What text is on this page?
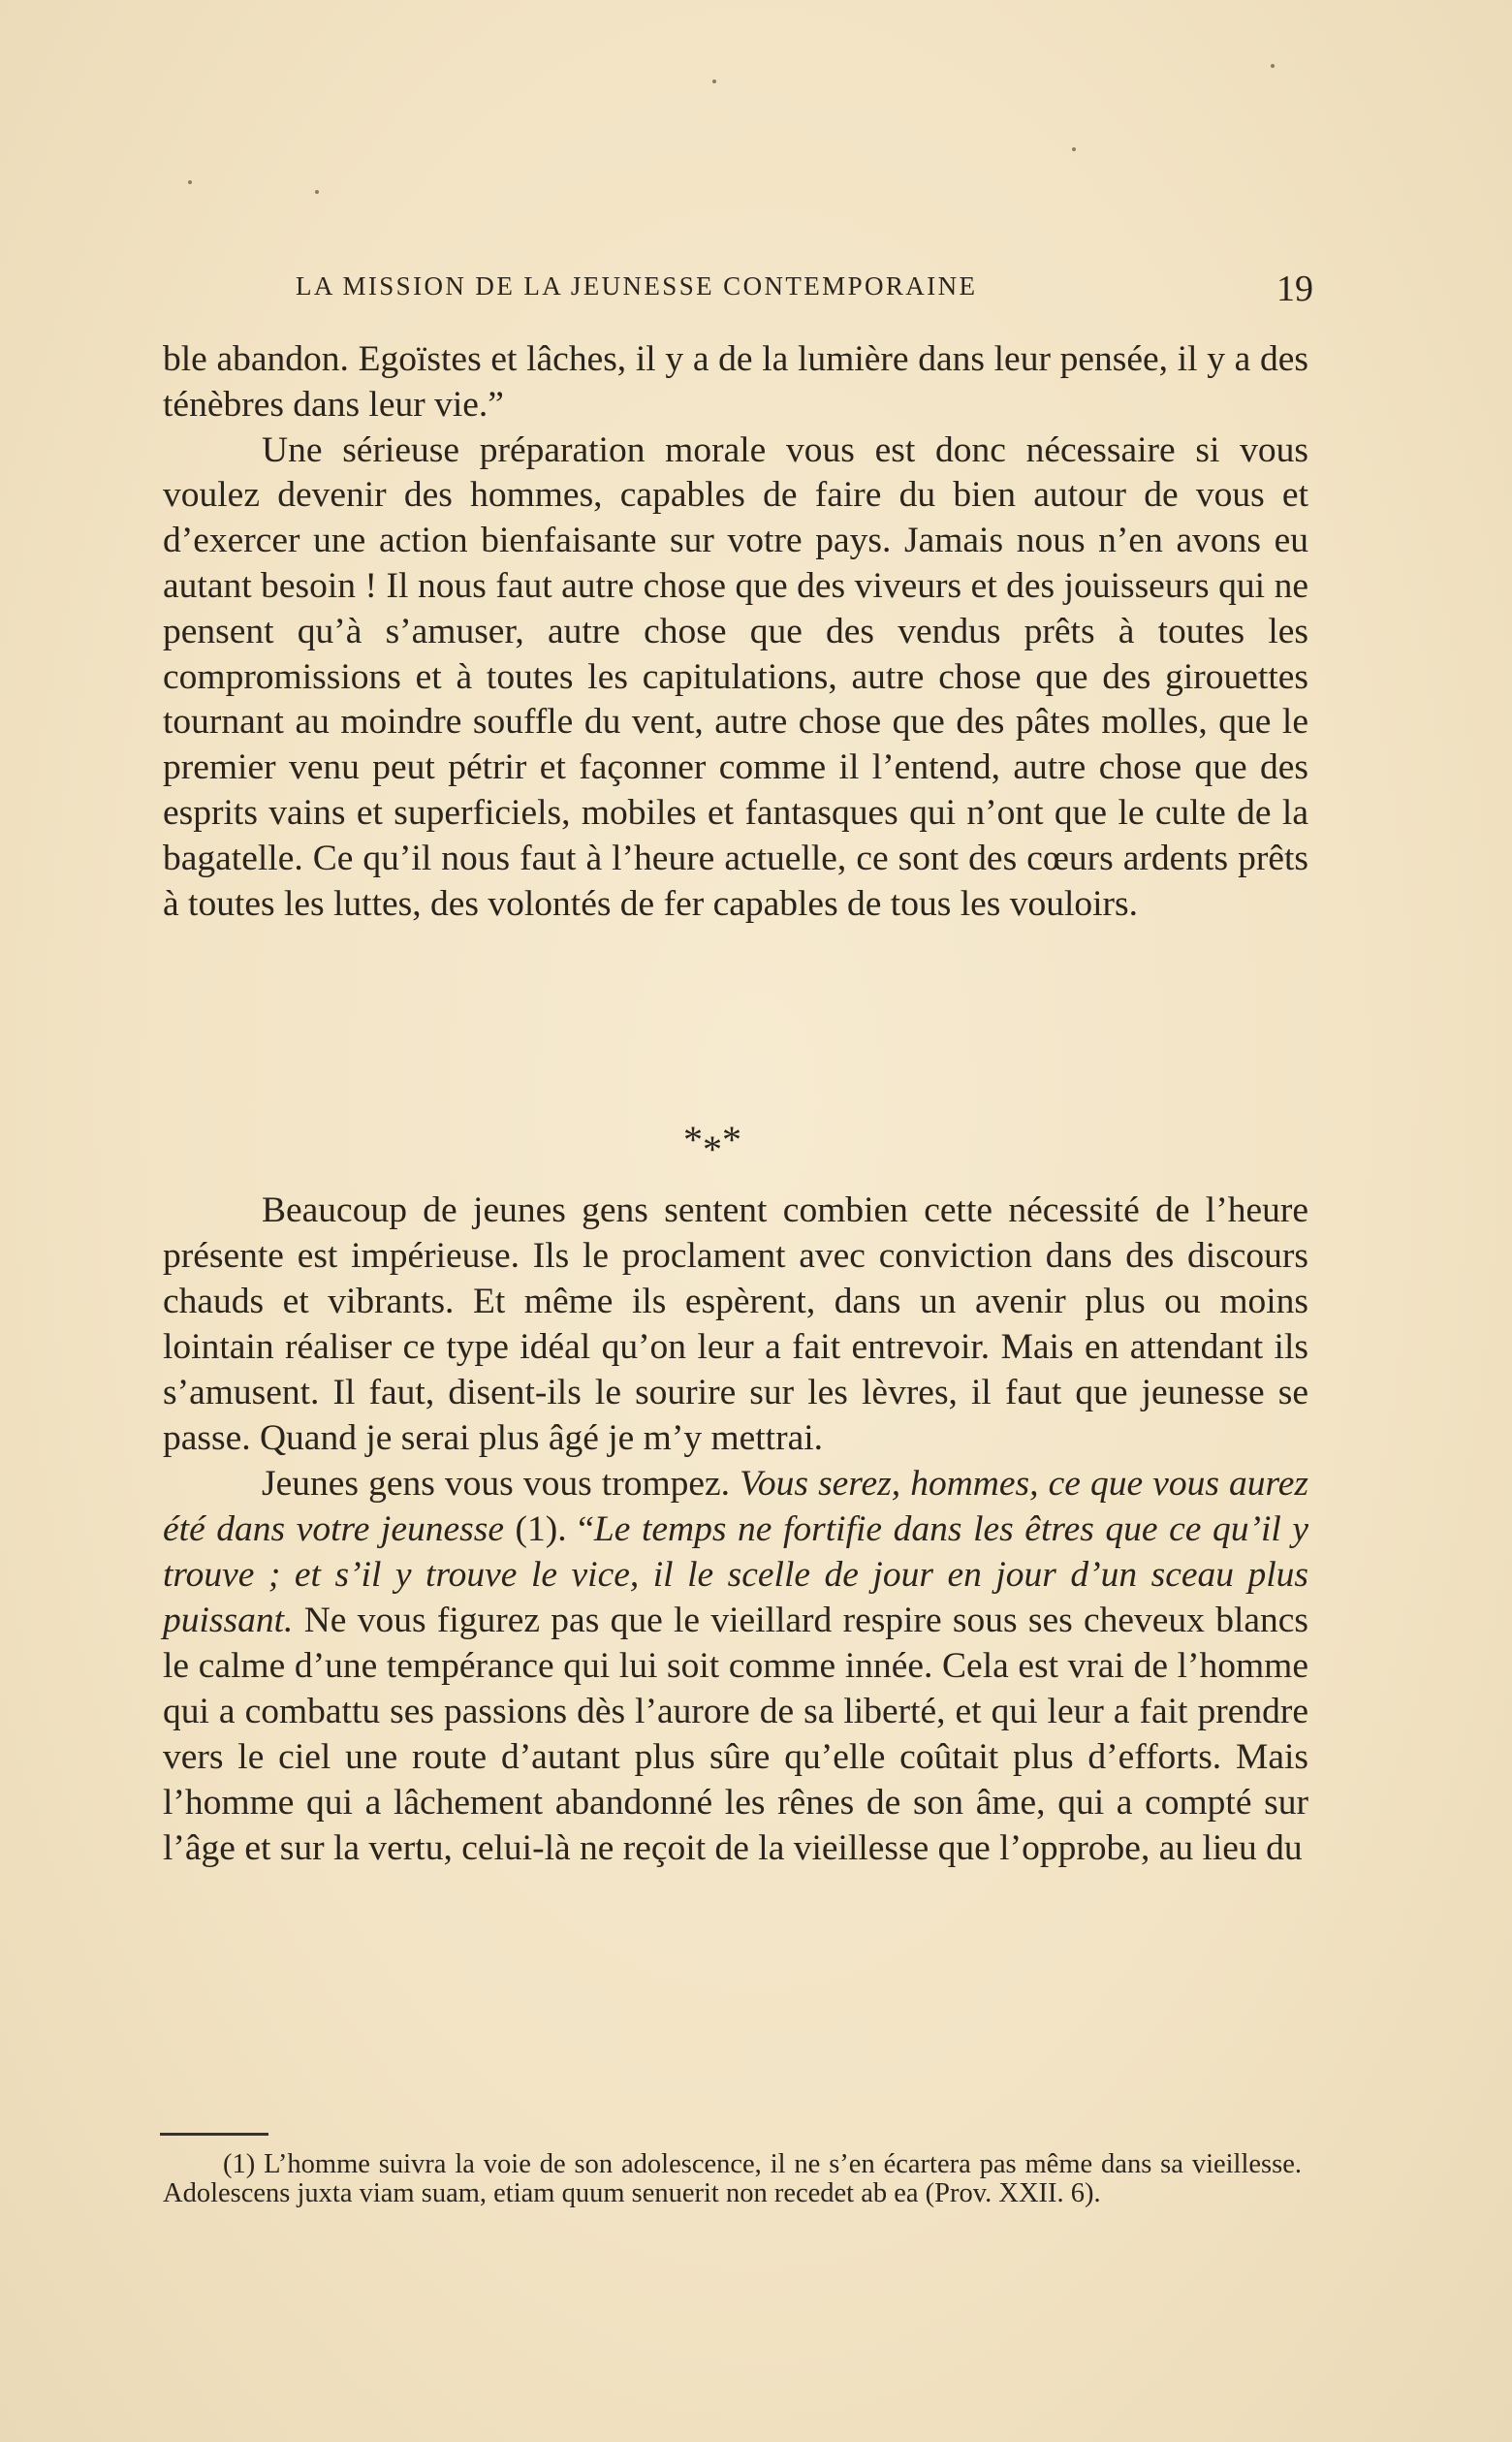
LA MISSION DE LA JEUNESSE CONTEMPORAINE	19

ble abandon. Egoïstes et lâches, il y a de la lumière dans leur pensée, il y a des ténèbres dans leur vie.”

Une sérieuse préparation morale vous est donc nécessaire si vous voulez devenir des hommes, capables de faire du bien autour de vous et d’exercer une action bienfaisante sur votre pays. Jamais nous n’en avons eu autant besoin ! Il nous faut autre chose que des viveurs et des jouisseurs qui ne pensent qu’à s’amuser, autre chose que des vendus prêts à toutes les compromissions et à toutes les capitulations, autre chose que des girouettes tournant au moindre souffle du vent, autre chose que des pâtes molles, que le premier venu peut pétrir et façonner comme il l’entend, autre chose que des esprits vains et superficiels, mobiles et fantasques qui n’ont que le culte de la bagatelle. Ce qu’il nous faut à l’heure actuelle, ce sont des cœurs ardents prêts à toutes les luttes, des volontés de fer capables de tous les vouloirs.

***

Beaucoup de jeunes gens sentent combien cette nécessité de l’heure présente est impérieuse. Ils le proclament avec conviction dans des discours chauds et vibrants. Et même ils espèrent, dans un avenir plus ou moins lointain réaliser ce type idéal qu’on leur a fait entrevoir. Mais en attendant ils s’amusent. Il faut, disent-ils le sourire sur les lèvres, il faut que jeunesse se passe. Quand je serai plus âgé je m’y mettrai.

Jeunes gens vous vous trompez. Vous serez, hommes, ce que vous aurez été dans votre jeunesse (1). “Le temps ne fortifie dans les êtres que ce qu’il y trouve ; et s’il y trouve le vice, il le scelle de jour en jour d’un sceau plus puissant. Ne vous figurez pas que le vieillard respire sous ses cheveux blancs le calme d’une tempérance qui lui soit comme innée. Cela est vrai de l’homme qui a combattu ses passions dès l’aurore de sa liberté, et qui leur a fait prendre vers le ciel une route d’autant plus sûre qu’elle coûtait plus d’efforts. Mais l’homme qui a lâchement abandonné les rênes de son âme, qui a compté sur l’âge et sur la vertu, celui-là ne reçoit de la vieillesse que l’opprobe, au lieu du

(1) L’homme suivra la voie de son adolescence, il ne s’en écartera pas même dans sa vieillesse. Adolescens juxta viam suam, etiam quum senuerit non recedet ab ea (Prov. XXII. 6).
